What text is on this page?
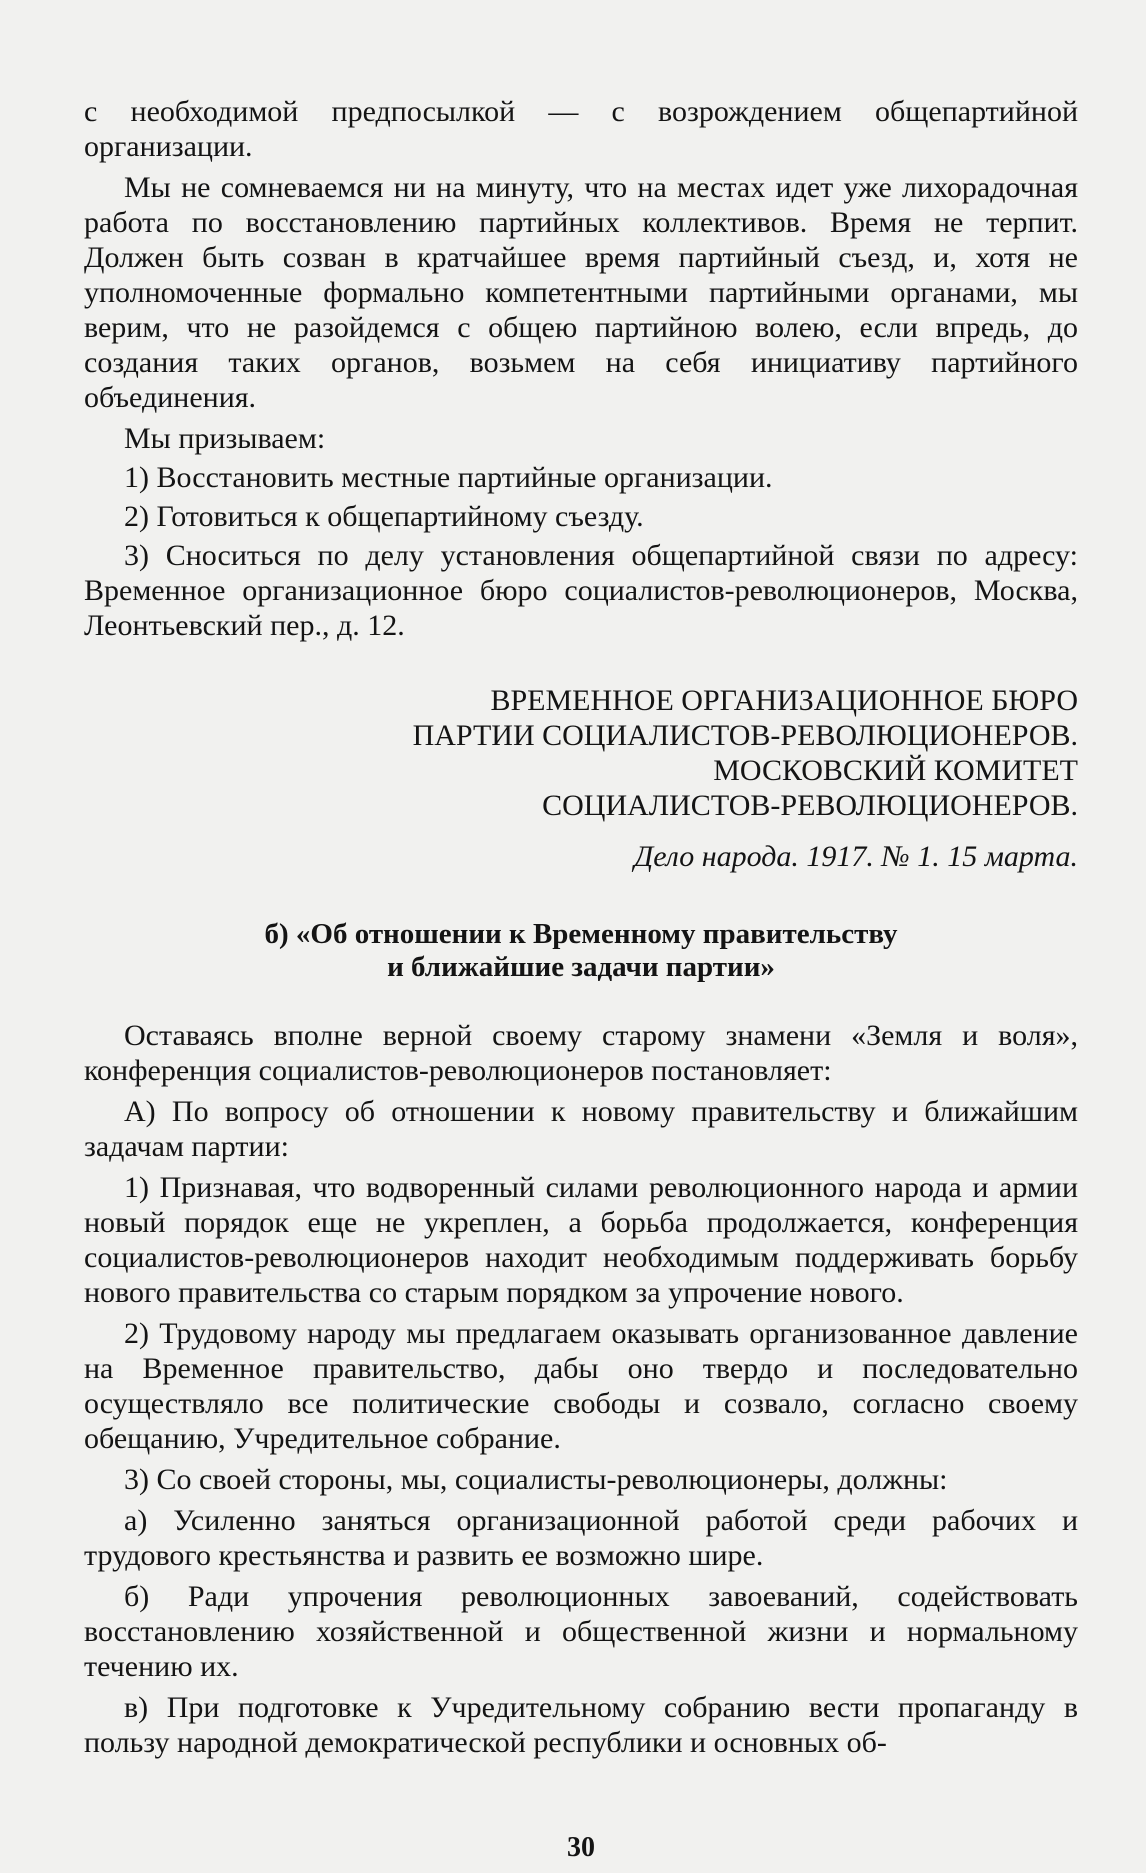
с необходимой предпосылкой — с возрождением общепартийной организации.

Мы не сомневаемся ни на минуту, что на местах идет уже лихорадочная работа по восстановлению партийных коллективов. Время не терпит. Должен быть созван в кратчайшее время партийный съезд, и, хотя не уполномоченные формально компетентными партийными органами, мы верим, что не разойдемся с общею партийною волею, если впредь, до создания таких органов, возьмем на себя инициативу партийного объединения.

Мы призываем:

1) Восстановить местные партийные организации.

2) Готовиться к общепартийному съезду.

3) Сноситься по делу установления общепартийной связи по адресу: Временное организационное бюро социалистов-революционеров, Москва, Леонтьевский пер., д. 12.

ВРЕМЕННОЕ ОРГАНИЗАЦИОННОЕ БЮРО
ПАРТИИ СОЦИАЛИСТОВ-РЕВОЛЮЦИОНЕРОВ.
МОСКОВСКИЙ КОМИТЕТ
СОЦИАЛИСТОВ-РЕВОЛЮЦИОНЕРОВ.
Дело народа. 1917. № 1. 15 марта.
б) «Об отношении к Временному правительству
и ближайшие задачи партии»

Оставаясь вполне верной своему старому знамени «Земля и воля», конференция социалистов-революционеров постановляет:

А) По вопросу об отношении к новому правительству и ближайшим задачам партии:

1) Признавая, что водворенный силами революционного народа и армии новый порядок еще не укреплен, а борьба продолжается, конференция социалистов-революционеров находит необходимым поддерживать борьбу нового правительства со старым порядком за упрочение нового.

2) Трудовому народу мы предлагаем оказывать организованное давление на Временное правительство, дабы оно твердо и последовательно осуществляло все политические свободы и созвало, согласно своему обещанию, Учредительное собрание.

3) Со своей стороны, мы, социалисты-революционеры, должны:

а) Усиленно заняться организационной работой среди рабочих и трудового крестьянства и развить ее возможно шире.

б) Ради упрочения революционных завоеваний, содействовать восстановлению хозяйственной и общественной жизни и нормальному течению их.

в) При подготовке к Учредительному собранию вести пропаганду в пользу народной демократической республики и основных об-

30
